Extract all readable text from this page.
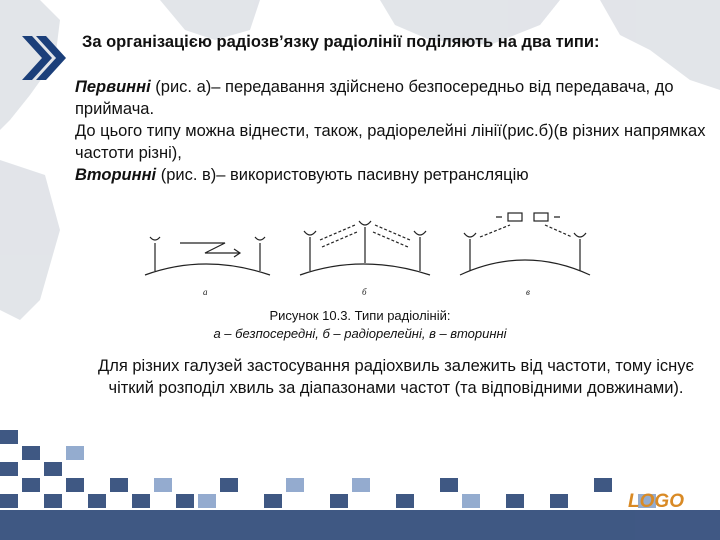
За організацією радіозв’язку радіолінії поділяють на два типи:

Первинні (рис. а)– передавання здійснено безпосередньо від передавача, до приймача.

До цього типу можна віднести, також, радіорелейні лінії(рис.б)(в різних напрямках частоти різні),

Вторинні (рис. в)– використовують пасивну ретрансляцію

а	б	в
Рисунок 10.3. Типи радіоліній:
а – безпосередні, б – радіорелейні, в – вторинні
Для різних галузей застосування радіохвиль залежить від частоти, тому існує чіткий розподіл хвиль за діапазонами частот (та відповідними довжинами).
LOGO
